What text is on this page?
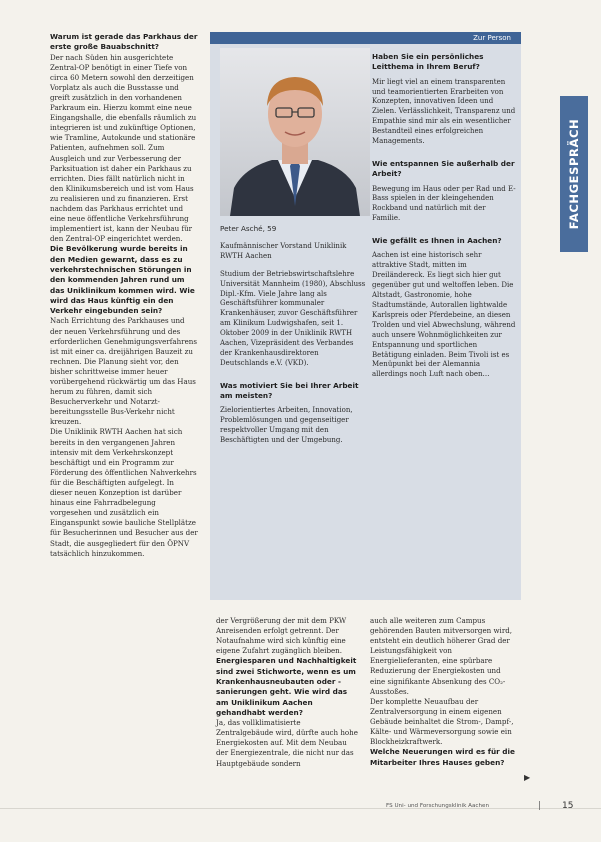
Warum ist gerade das Parkhaus der erste große Bauabschnitt?

Der nach Süden hin ausgerichtete Zentral-OP benötigt in einer Tiefe von circa 60 Metern sowohl den derzeitigen Vorplatz als auch die Busstasse und greift zusätzlich in den vorhandenen Parkraum ein. Hierzu kommt eine neue Eingangshalle, die ebenfalls räumlich zu integrieren ist und zukünftige Optionen, wie Tramline, Autokunde und stationäre Patienten, aufnehmen soll. Zum Ausgleich und zur Verbesserung der Parksituation ist daher ein Parkhaus zu errichten. Dies fällt natürlich nicht in den Klinikumsbereich und ist vom Haus zu realisieren und zu finanzieren. Erst nachdem das Parkhaus errichtet und eine neue öffentliche Verkehrsführung implementiert ist, kann der Neubau für den Zentral-OP eingerichtet werden.

Die Bevölkerung wurde bereits in den Medien gewarnt, dass es zu verkehrstechnischen Störungen in den kommenden Jahren rund um das Uniklinikum kommen wird. Wie wird das Haus künftig ein den Verkehr eingebunden sein?

Nach Errichtung des Parkhauses und der neuen Verkehrsführung und des erforderlichen Genehmigungsverfahrens ist mit einer ca. dreijährigen Bauzeit zu rechnen. Die Planung sieht vor, den bisher schrittweise immer heuer vorübergehend rückwärtig um das Haus herum zu führen, damit sich Besucherverkehr und Notarzt-bereitungsstelle Bus-Verkehr nicht kreuzen.

Die Uniklinik RWTH Aachen hat sich bereits in den vergangenen Jahren intensiv mit dem Verkehrskonzept beschäftigt und ein Programm zur Förderung des öffentlichen Nahverkehrs für die Beschäftigten aufgelegt. In dieser neuen Konzeption ist darüber hinaus eine Fahrradbelegung vorgesehen und zusätzlich ein Einganspunkt sowie bauliche Stellplätze für Besucherinnen und Besucher aus der Stadt, die ausgegliedert für den ÖPNV tatsächlich hinzukommen.

Zur Person

Peter Asché, 59

Kaufmännischer Vorstand Uniklinik RWTH Aachen

Studium der Betriebswirtschaftslehre Universität Mannheim (1980), Abschluss Dipl.-Kfm. Viele Jahre lang als Geschäftsführer kommunaler Krankenhäuser, zuvor Geschäftsführer am Klinikum Ludwigshafen, seit 1. Oktober 2009 in der Uniklinik RWTH Aachen, Vizepräsident des Verbandes der Krankenhausdirektoren Deutschlands e.V. (VKD).

Was motiviert Sie bei Ihrer Arbeit am meisten?

Zielorientiertes Arbeiten, Innovation, Problemlösungen und gegenseitiger respektvoller Umgang mit den Beschäftigten und der Umgebung.

Haben Sie ein persönliches Leitthema in Ihrem Beruf?

Mir liegt viel an einem transparenten und teamorientierten Erarbeiten von Konzepten, innovativen Ideen und Zielen. Verlässlichkeit, Transparenz und Empathie sind mir als ein wesentlicher Bestandteil eines erfolgreichen Managements.

Wie entspannen Sie außerhalb der Arbeit?

Bewegung im Haus oder per Rad und E-Bass spielen in der kleingehenden Rockband und natürlich mit der Familie.

Wie gefällt es Ihnen in Aachen?

Aachen ist eine historisch sehr attraktive Stadt, mitten im Dreiländereck. Es liegt sich hier gut gegenüber gut und weltoffen leben. Die Altstadt, Gastronomie, hohe Stadtumstände, Autorallen lightwalde Karlspreis oder Pferdebeine, an diesen Trolden und viel Abwechslung, während auch unsere Wohnmöglichkeiten zur Entspannung und sportlichen Betätigung einladen. Beim Tivoli ist es Menüpunkt bei der Alemannia allerdings noch Luft nach oben…

der Vergrößerung der mit dem PKW Anreisenden erfolgt getrennt. Der Notaufnahme wird sich künftig eine eigene Zufahrt zugänglich bleiben.

Energiesparen und Nachhaltigkeit sind zwei Stichworte, wenn es um Krankenhausneubauten oder -sanierungen geht. Wie wird das am Uniklinikum Aachen gehandhabt werden?

Ja, das vollklimatisierte Zentralgebäude wird, dürfte auch hohe Energiekosten auf. Mit dem Neubau der Energiezentrale, die nicht nur das Hauptgebäude sondern

auch alle weiteren zum Campus gehörenden Bauten mitversorgen wird, entsteht ein deutlich höherer Grad der Leistungsfähigkeit von Energielieferanten, eine spürbare Reduzierung der Energiekosten und eine signifikante Absenkung des CO₂-Ausstoßes.

Der komplette Neuaufbau der Zentralversorgung in einem eigenen Gebäude beinhaltet die Strom-, Dampf-, Kälte- und Wärmeversorgung sowie ein Blockheizkraftwerk.

Welche Neuerungen wird es für die Mitarbeiter Ihres Hauses geben?

▶
FACHGESPRÄCH
FS Uni- und Forschungsklinik Aachen	| 15
